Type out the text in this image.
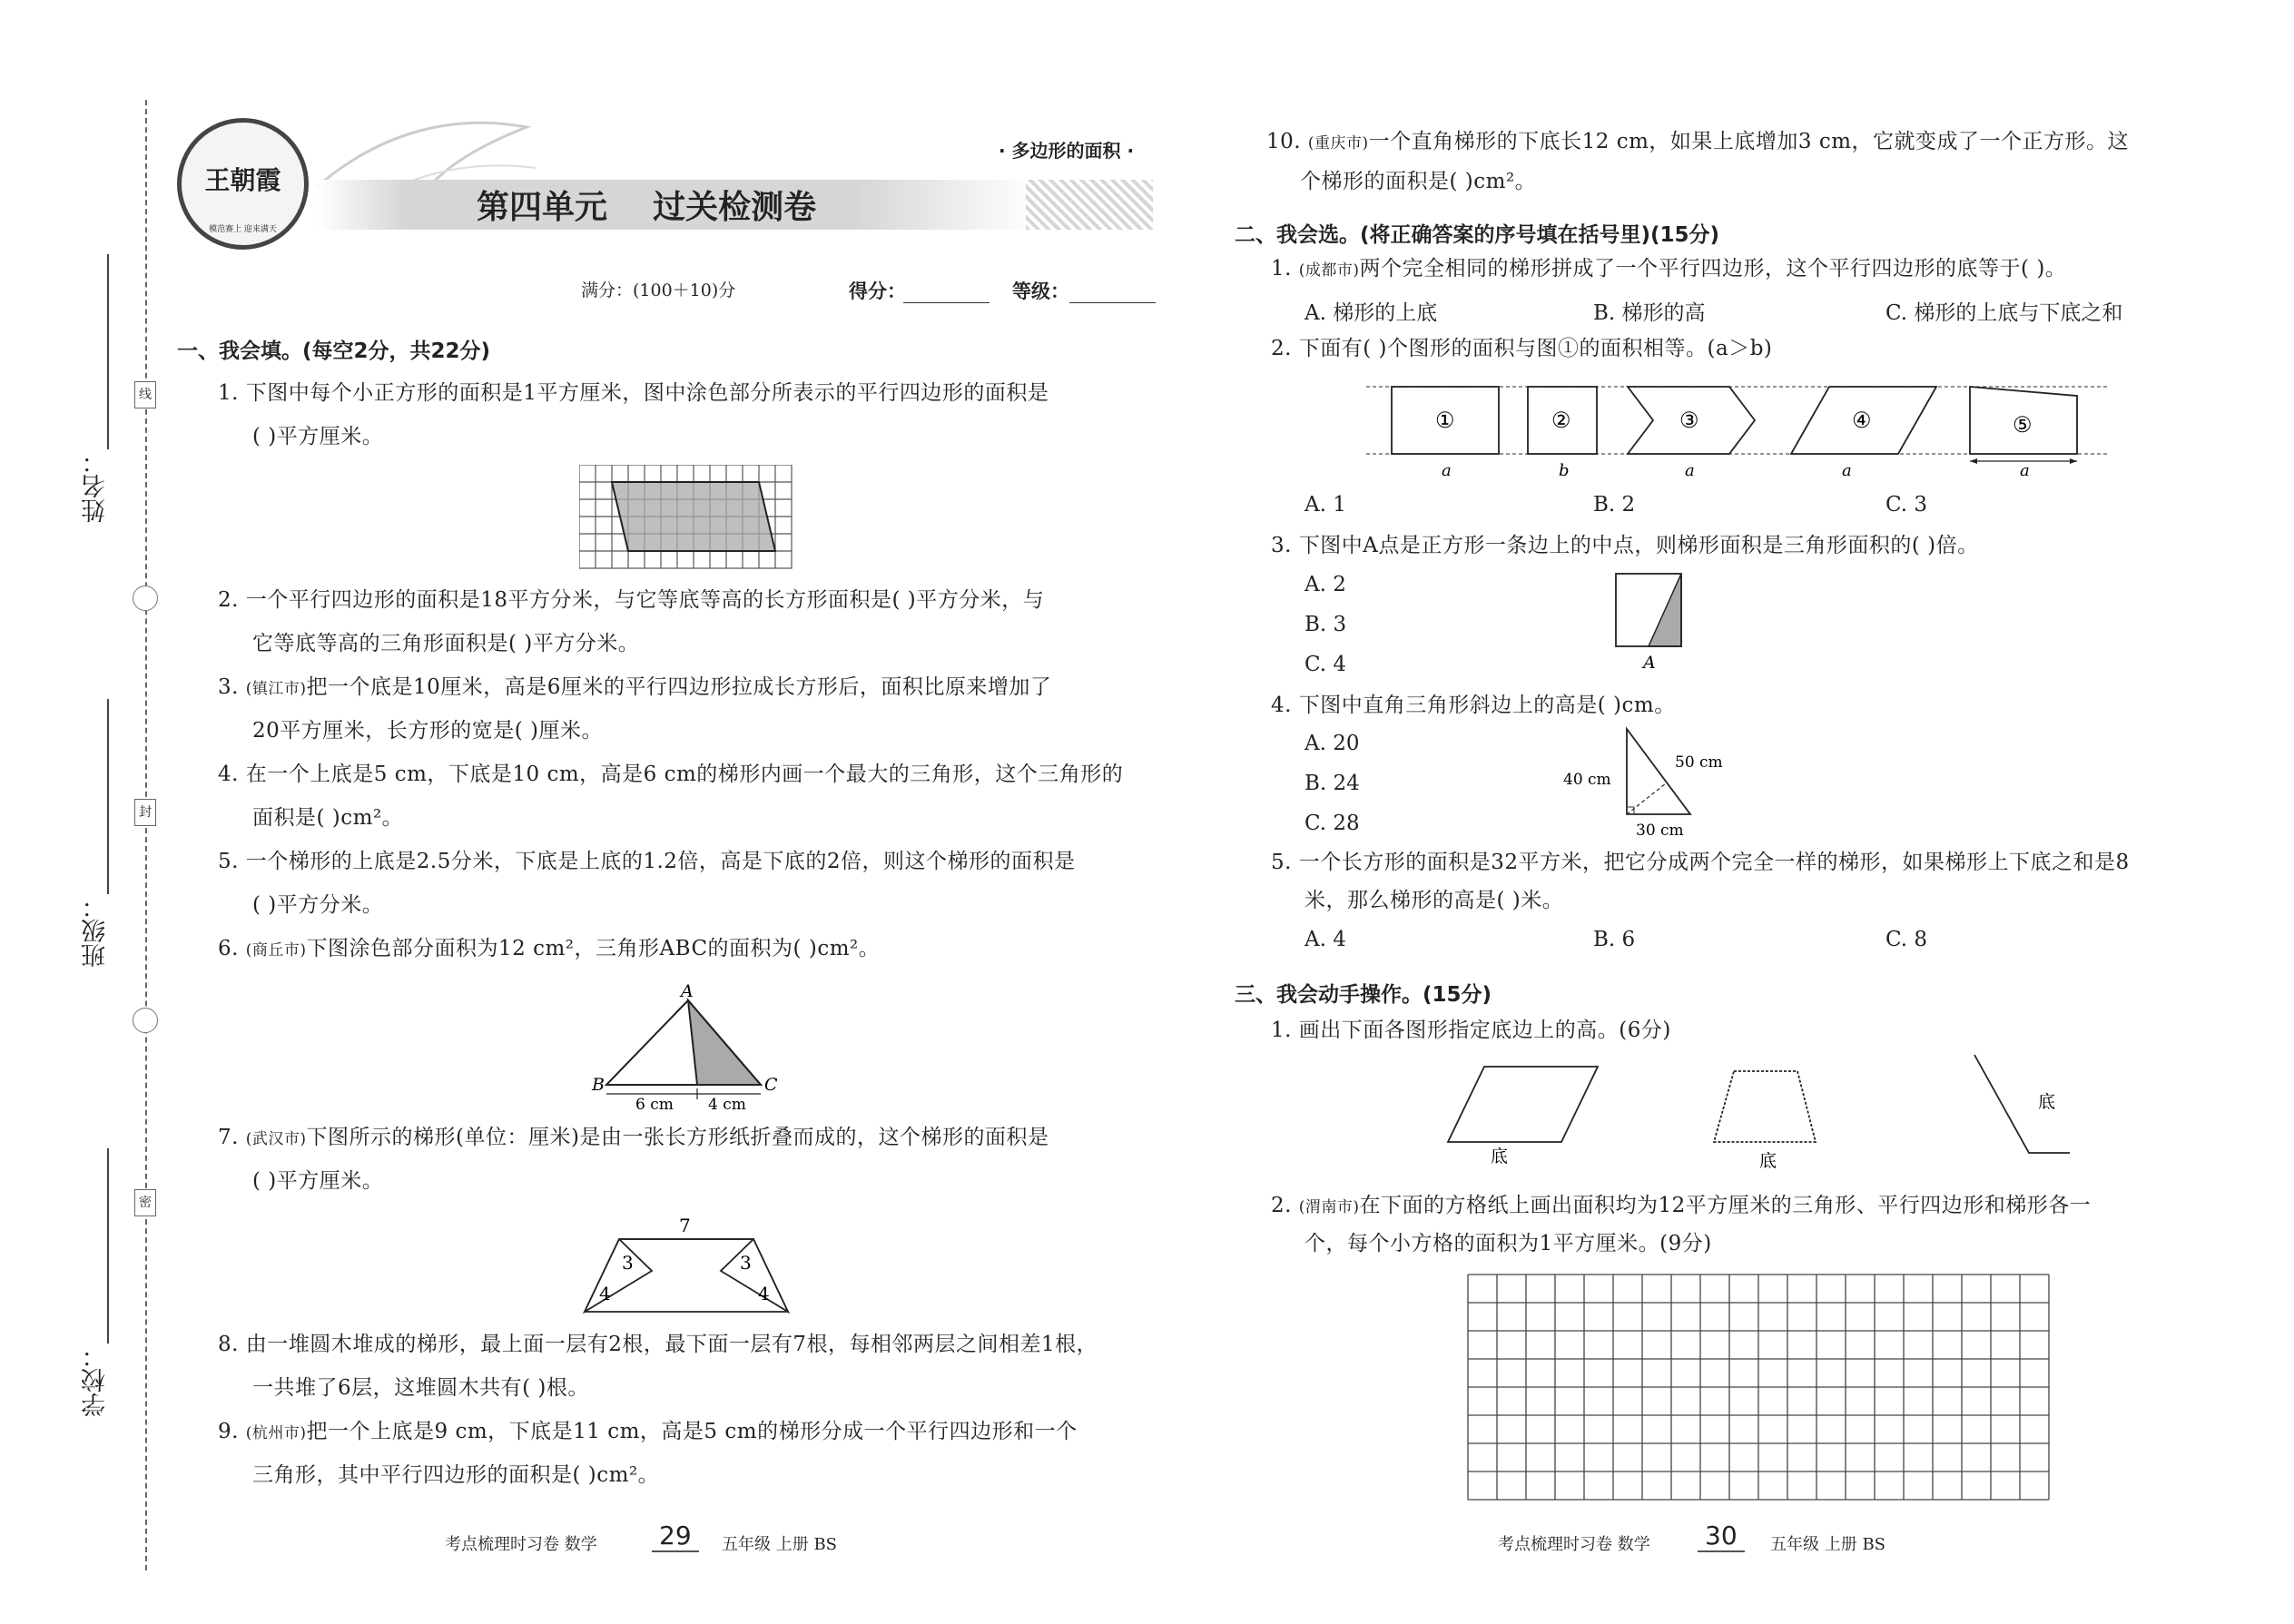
线
封
密
姓名：
班级：
学校：
王朝霞
模范赛上 迎来满天
· 多边形的面积 ·
第四单元    过关检测卷
满分：(100＋10)分	得分：	等级：
一、我会填。(每空2分，共22分)
1. 下图中每个小正方形的面积是1平方厘米，图中涂色部分所表示的平行四边形的面积是
( )平方厘米。
2. 一个平行四边形的面积是18平方分米，与它等底等高的长方形面积是( )平方分米，与
它等底等高的三角形面积是( )平方分米。
3. (镇江市)把一个底是10厘米，高是6厘米的平行四边形拉成长方形后，面积比原来增加了
20平方厘米，长方形的宽是( )厘米。
4. 在一个上底是5 cm，下底是10 cm，高是6 cm的梯形内画一个最大的三角形，这个三角形的
面积是( )cm²。
5. 一个梯形的上底是2.5分米，下底是上底的1.2倍，高是下底的2倍，则这个梯形的面积是
( )平方分米。
6. (商丘市)下图涂色部分面积为12 cm²，三角形ABC的面积为( )cm²。
A
B	C
6 cm 4 cm
7. (武汉市)下图所示的梯形(单位：厘米)是由一张长方形纸折叠而成的，这个梯形的面积是
( )平方厘米。
7
3
4
3
4
8. 由一堆圆木堆成的梯形，最上面一层有2根，最下面一层有7根，每相邻两层之间相差1根，
一共堆了6层，这堆圆木共有( )根。
9. (杭州市)把一个上底是9 cm，下底是11 cm，高是5 cm的梯形分成一个平行四边形和一个
三角形，其中平行四边形的面积是( )cm²。
考点梳理时习卷 数学 29	五年级 上册 BS
10. (重庆市)一个直角梯形的下底长12 cm，如果上底增加3 cm，它就变成了一个正方形。这
个梯形的面积是( )cm²。
二、我会选。(将正确答案的序号填在括号里)(15分)
1. (成都市)两个完全相同的梯形拼成了一个平行四边形，这个平行四边形的底等于( )。
A. 梯形的上底	B. 梯形的高	C. 梯形的上底与下底之和
2. 下面有( )个图形的面积与图①的面积相等。(a＞b)
①
a
②
b
③
a
④
a
⑤
a
A. 1	B. 2	C. 3
3. 下图中A点是正方形一条边上的中点，则梯形面积是三角形面积的( )倍。
A. 2
B. 3
C. 4	A
4. 下图中直角三角形斜边上的高是( )cm。
A. 20
B. 24
C. 28
40 cm
50 cm
30 cm
5. 一个长方形的面积是32平方米，把它分成两个完全一样的梯形，如果梯形上下底之和是8
米，那么梯形的高是( )米。
A. 4	B. 6	C. 8
三、我会动手操作。(15分)
1. 画出下面各图形指定底边上的高。(6分)
底	底
底
2. (渭南市)在下面的方格纸上画出面积均为12平方厘米的三角形、平行四边形和梯形各一
个，每个小方格的面积为1平方厘米。(9分)
考点梳理时习卷 数学 30	五年级 上册 BS
